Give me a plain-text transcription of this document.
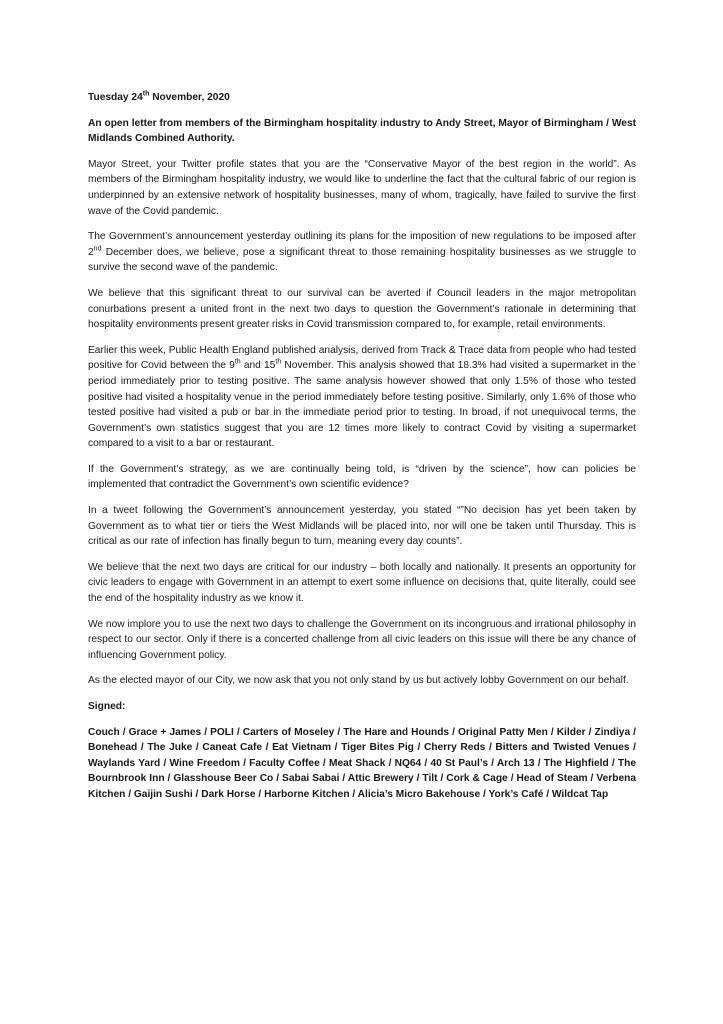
Tuesday 24th November, 2020

An open letter from members of the Birmingham hospitality industry to Andy Street, Mayor of Birmingham / West Midlands Combined Authority.

Mayor Street, your Twitter profile states that you are the “Conservative Mayor of the best region in the world”. As members of the Birmingham hospitality industry, we would like to underline the fact that the cultural fabric of our region is underpinned by an extensive network of hospitality businesses, many of whom, tragically, have failed to survive the first wave of the Covid pandemic.

The Government’s announcement yesterday outlining its plans for the imposition of new regulations to be imposed after 2nd December does, we believe, pose a significant threat to those remaining hospitality businesses as we struggle to survive the second wave of the pandemic.

We believe that this significant threat to our survival can be averted if Council leaders in the major metropolitan conurbations present a united front in the next two days to question the Government’s rationale in determining that hospitality environments present greater risks in Covid transmission compared to, for example, retail environments.

Earlier this week, Public Health England published analysis, derived from Track & Trace data from people who had tested positive for Covid between the 9th and 15th November. This analysis showed that 18.3% had visited a supermarket in the period immediately prior to testing positive. The same analysis however showed that only 1.5% of those who tested positive had visited a hospitality venue in the period immediately before testing positive. Similarly, only 1.6% of those who tested positive had visited a pub or bar in the immediate period prior to testing. In broad, if not unequivocal terms, the Government’s own statistics suggest that you are 12 times more likely to contract Covid by visiting a supermarket compared to a visit to a bar or restaurant.

If the Government’s strategy, as we are continually being told, is “driven by the science”, how can policies be implemented that contradict the Government’s own scientific evidence?

In a tweet following the Government’s announcement yesterday, you stated “”No decision has yet been taken by Government as to what tier or tiers the West Midlands will be placed into, nor will one be taken until Thursday. This is critical as our rate of infection has finally begun to turn, meaning every day counts”.

We believe that the next two days are critical for our industry – both locally and nationally. It presents an opportunity for civic leaders to engage with Government in an attempt to exert some influence on decisions that, quite literally, could see the end of the hospitality industry as we know it.

We now implore you to use the next two days to challenge the Government on its incongruous and irrational philosophy in respect to our sector. Only if there is a concerted challenge from all civic leaders on this issue will there be any chance of influencing Government policy.

As the elected mayor of our City, we now ask that you not only stand by us but actively lobby Government on our behalf.

Signed:

Couch / Grace + James / POLI / Carters of Moseley / The Hare and Hounds / Original Patty Men / Kilder / Zindiya / Bonehead / The Juke / Caneat Cafe / Eat Vietnam / Tiger Bites Pig / Cherry Reds / Bitters and Twisted Venues / Waylands Yard / Wine Freedom / Faculty Coffee / Meat Shack / NQ64 / 40 St Paul’s / Arch 13 / The Highfield / The Bournbrook Inn / Glasshouse Beer Co / Sabai Sabai / Attic Brewery / Tilt / Cork & Cage / Head of Steam / Verbena Kitchen / Gaijin Sushi / Dark Horse / Harborne Kitchen / Alicia’s Micro Bakehouse / York’s Café / Wildcat Tap
